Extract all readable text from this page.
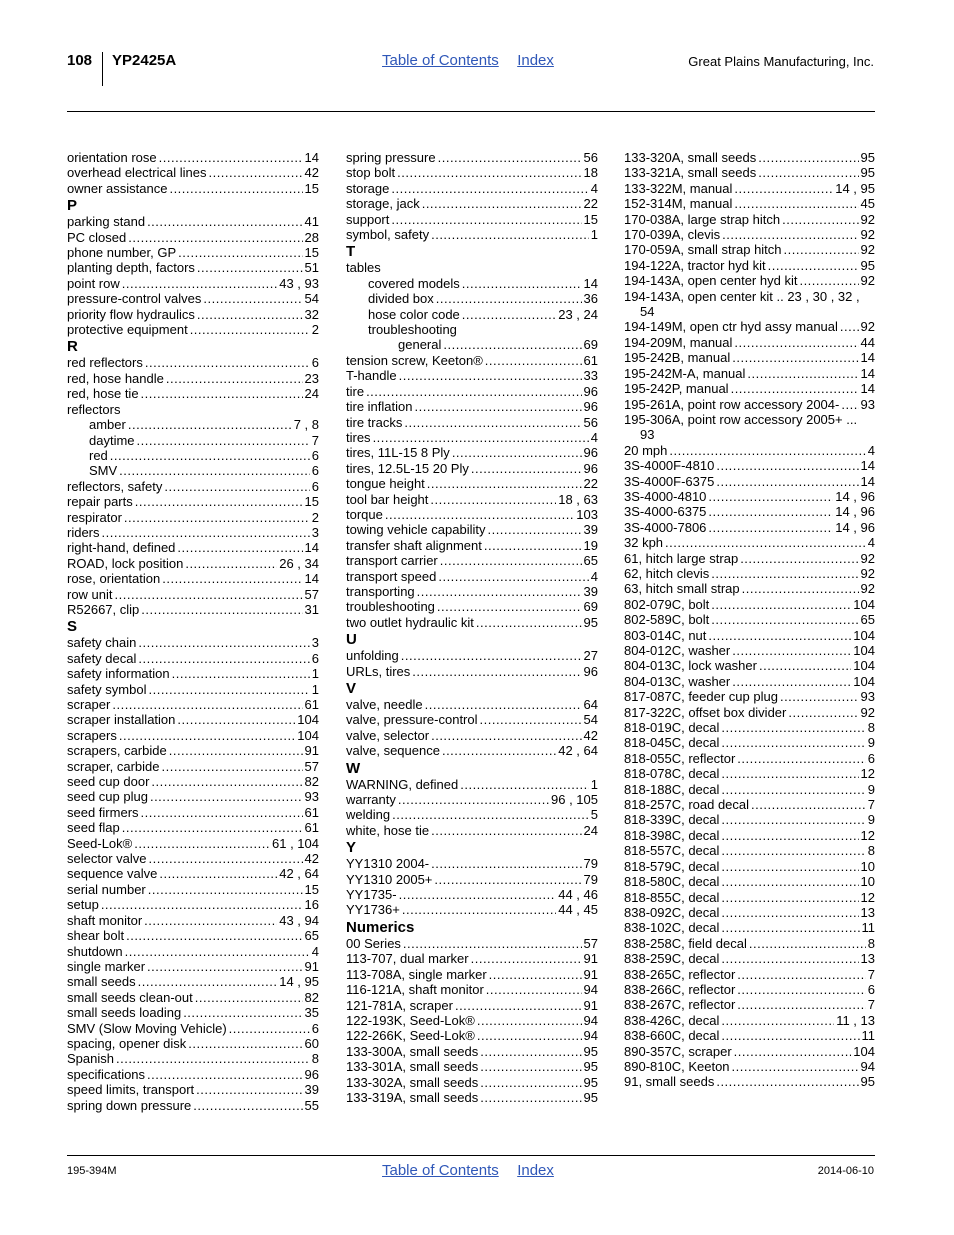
108 YP2425A	Table of Contents Index	Great Plains Manufacturing, Inc.
orientation rose .....	14
overhead electrical lines .....	42
owner assistance .....	15
P
parking stand .....	41
PC closed .....	28
phone number, GP .....	15
planting depth, factors .....	51
point row .....	43 , 93
pressure-control valves .....	54
priority flow hydraulics .....	32
protective equipment .....	2
R
red reflectors .....	6
red, hose handle .....	23
red, hose tie .....	24
reflectors
amber .....	7 , 8
daytime .....	7
red .....	6
SMV .....	6
reflectors, safety .....	6
repair parts .....	15
respirator .....	2
riders .....	3
right-hand, defined .....	14
ROAD, lock position .....	26 , 34
rose, orientation .....	14
row unit .....	57
R52667, clip .....	31
S
safety chain .....	3
safety decal .....	6
safety information .....	1
safety symbol .....	1
scraper .....	61
scraper installation .....	104
scrapers .....	104
scrapers, carbide .....	91
scraper, carbide .....	57
seed cup door .....	82
seed cup plug .....	93
seed firmers .....	61
seed flap .....	61
Seed-Lok® .....	61 , 104
selector valve .....	42
sequence valve .....	42 , 64
serial number .....	15
setup .....	16
shaft monitor .....	43 , 94
shear bolt .....	65
shutdown .....	4
single marker .....	91
small seeds .....	14 , 95
small seeds clean-out .....	82
small seeds loading .....	35
SMV (Slow Moving Vehicle) .....	6
spacing, opener disk .....	60
Spanish .....	8
specifications .....	96
speed limits, transport .....	39
spring down pressure .....	55
spring pressure .....	56
stop bolt .....	18
storage .....	4
storage, jack .....	22
support .....	15
symbol, safety .....	1
T
tables
covered models .....	14
divided box .....	36
hose color code .....	23 , 24
troubleshooting
general .....	69
tension screw, Keeton® .....	61
T-handle .....	33
tire .....	96
tire inflation .....	96
tire tracks .....	56
tires .....	4
tires, 11L-15 8 Ply .....	96
tires, 12.5L-15 20 Ply .....	96
tongue height .....	22
tool bar height .....	18 , 63
torque .....	103
towing vehicle capability .....	39
transfer shaft alignment .....	19
transport carrier .....	65
transport speed .....	4
transporting .....	39
troubleshooting .....	69
two outlet hydraulic kit .....	95
U
unfolding .....	27
URLs, tires .....	96
V
valve, needle .....	64
valve, pressure-control .....	54
valve, selector .....	42
valve, sequence .....	42 , 64
W
WARNING, defined .....	1
warranty .....	96 , 105
welding .....	5
white, hose tie .....	24
Y
YY1310 2004- .....	79
YY1310 2005+ .....	79
YY1735- .....	44 , 46
YY1736+ .....	44 , 45
Numerics
00 Series .....	57
113-707, dual marker .....	91
113-708A, single marker .....	91
116-121A, shaft monitor .....	94
121-781A, scraper .....	91
122-193K, Seed-Lok® .....	94
122-266K, Seed-Lok® .....	94
133-300A, small seeds .....	95
133-301A, small seeds .....	95
133-302A, small seeds .....	95
133-319A, small seeds .....	95
133-320A, small seeds .....	95
133-321A, small seeds .....	95
133-322M, manual .....	14 , 95
152-314M, manual .....	45
170-038A, large strap hitch .....	92
170-039A, clevis .....	92
170-059A, small strap hitch .....	92
194-122A, tractor hyd kit .....	95
194-143A, open center hyd kit .....	92
194-143A, open center kit .. 23 , 30 , 32 ,
54
194-149M, open ctr hyd assy manual ..... 92
194-209M, manual .....	44
195-242B, manual .....	14
195-242M-A, manual .....	14
195-242P, manual .....	14
195-261A, point row accessory 2004- ..... 93
195-306A, point row accessory 2005+ ...
93
20 mph .....	4
3S-4000F-4810 .....	14
3S-4000F-6375 .....	14
3S-4000-4810 .....	14 , 96
3S-4000-6375 .....	14 , 96
3S-4000-7806 .....	14 , 96
32 kph .....	4
61, hitch large strap .....	92
62, hitch clevis .....	92
63, hitch small strap .....	92
802-079C, bolt .....	104
802-589C, bolt .....	65
803-014C, nut .....	104
804-012C, washer .....	104
804-013C, lock washer .....	104
804-013C, washer .....	104
817-087C, feeder cup plug .....	93
817-322C, offset box divider .....	92
818-019C, decal .....	8
818-045C, decal .....	9
818-055C, reflector .....	6
818-078C, decal .....	12
818-188C, decal .....	9
818-257C, road decal .....	7
818-339C, decal .....	9
818-398C, decal .....	12
818-557C, decal .....	8
818-579C, decal .....	10
818-580C, decal .....	10
818-855C, decal .....	12
838-092C, decal .....	13
838-102C, decal .....	11
838-258C, field decal .....	8
838-259C, decal .....	13
838-265C, reflector .....	7
838-266C, reflector .....	6
838-267C, reflector .....	7
838-426C, decal .....	11 , 13
838-660C, decal .....	11
890-357C, scraper .....	104
890-810C, Keeton .....	94
91, small seeds .....	95
195-394M	Table of Contents Index	2014-06-10
